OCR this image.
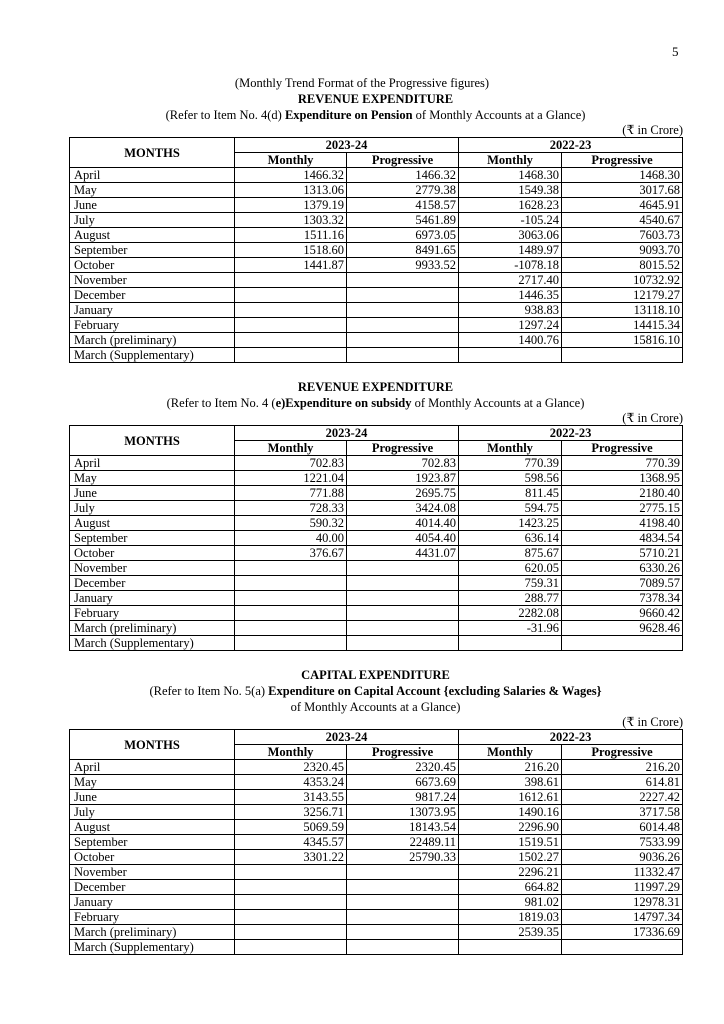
5
(Monthly Trend Format of the Progressive figures)
REVENUE EXPENDITURE
(Refer to Item No. 4(d) Expenditure on Pension of Monthly Accounts at a Glance)
(₹ in Crore)
MONTHS	2023-24		2022-23	
	Monthly	Progressive	Monthly	Progressive
April	1466.32	1466.32	1468.30	1468.30
May	1313.06	2779.38	1549.38	3017.68
June	1379.19	4158.57	1628.23	4645.91
July	1303.32	5461.89	-105.24	4540.67
August	1511.16	6973.05	3063.06	7603.73
September	1518.60	8491.65	1489.97	9093.70
October	1441.87	9933.52	-1078.18	8015.52
November			2717.40	10732.92
December			1446.35	12179.27
January			938.83	13118.10
February			1297.24	14415.34
March (preliminary)			1400.76	15816.10
March (Supplementary)				
REVENUE EXPENDITURE
(Refer to Item No. 4 (e)Expenditure on subsidy of Monthly Accounts at a Glance)
(₹ in Crore)
MONTHS	2023-24		2022-23	
	Monthly	Progressive	Monthly	Progressive
April	702.83	702.83	770.39	770.39
May	1221.04	1923.87	598.56	1368.95
June	771.88	2695.75	811.45	2180.40
July	728.33	3424.08	594.75	2775.15
August	590.32	4014.40	1423.25	4198.40
September	40.00	4054.40	636.14	4834.54
October	376.67	4431.07	875.67	5710.21
November			620.05	6330.26
December			759.31	7089.57
January			288.77	7378.34
February			2282.08	9660.42
March (preliminary)			-31.96	9628.46
March (Supplementary)				
CAPITAL EXPENDITURE
(Refer to Item No. 5(a) Expenditure on Capital Account {excluding Salaries & Wages}
of Monthly Accounts at a Glance)
(₹ in Crore)
MONTHS	2023-24		2022-23	
	Monthly	Progressive	Monthly	Progressive
April	2320.45	2320.45	216.20	216.20
May	4353.24	6673.69	398.61	614.81
June	3143.55	9817.24	1612.61	2227.42
July	3256.71	13073.95	1490.16	3717.58
August	5069.59	18143.54	2296.90	6014.48
September	4345.57	22489.11	1519.51	7533.99
October	3301.22	25790.33	1502.27	9036.26
November			2296.21	11332.47
December			664.82	11997.29
January			981.02	12978.31
February			1819.03	14797.34
March (preliminary)			2539.35	17336.69
March (Supplementary)				
